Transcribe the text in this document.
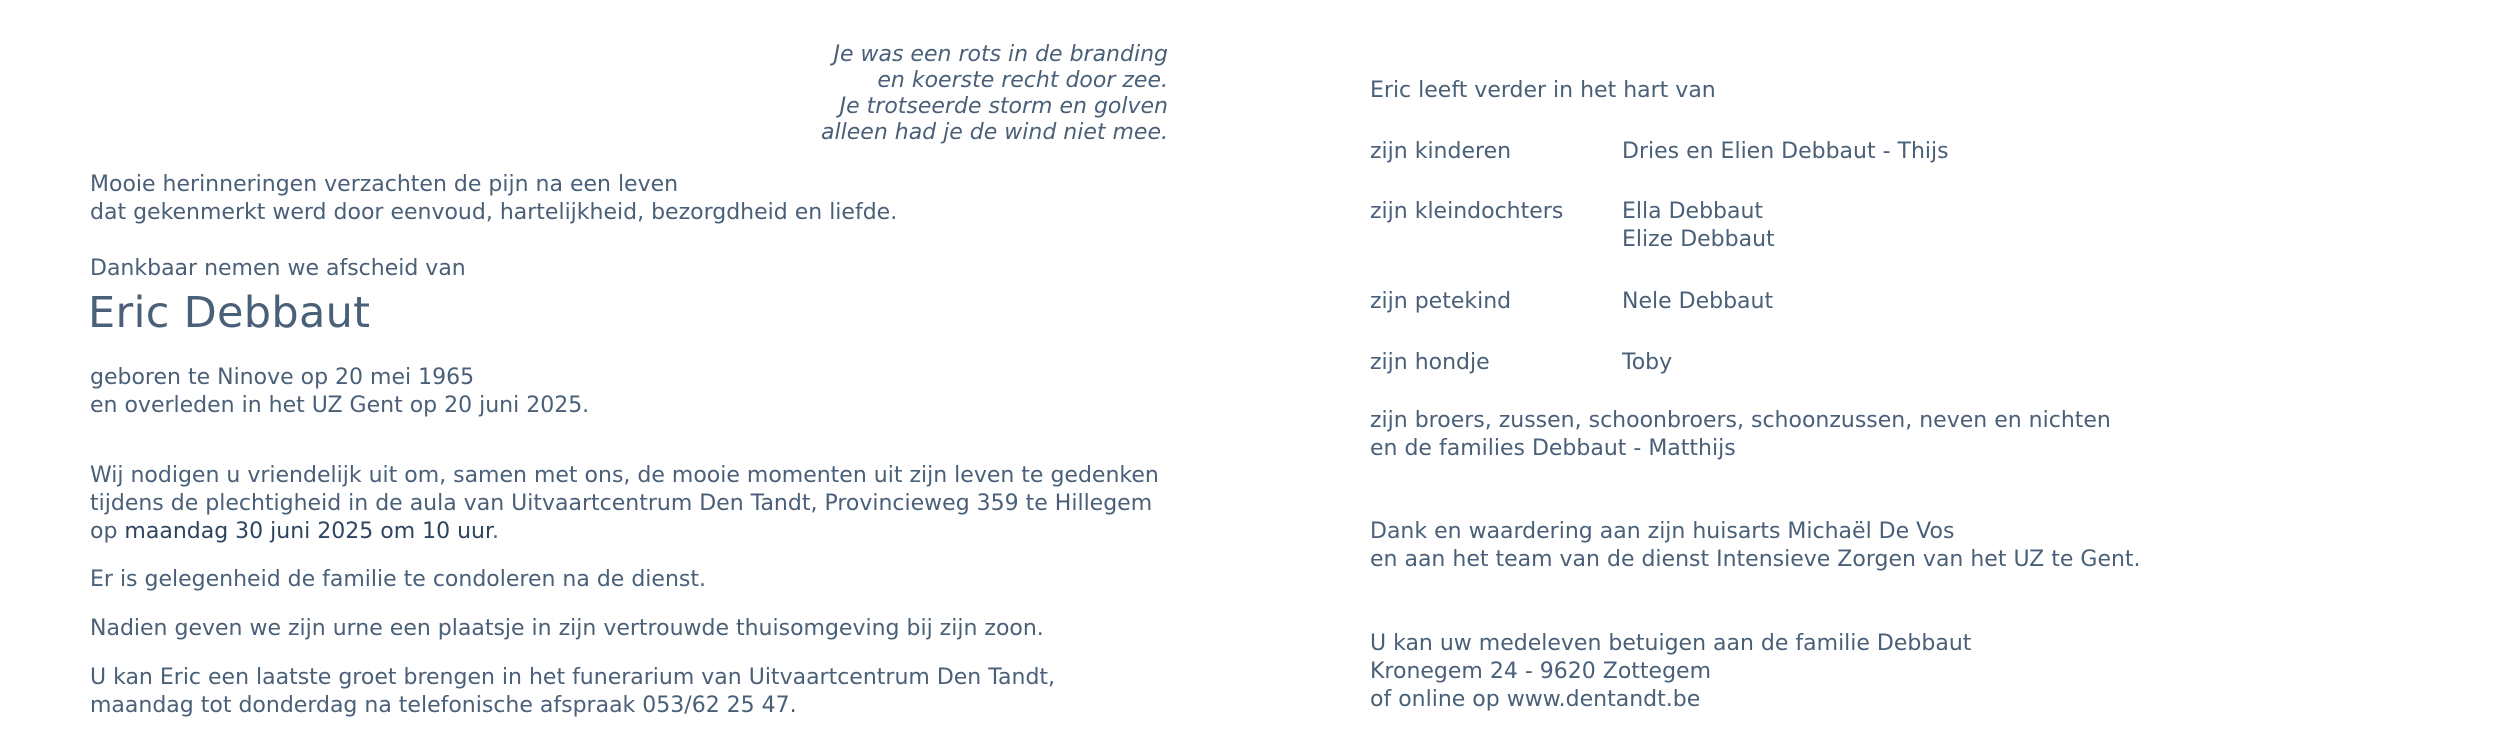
Je was een rots in de branding
en koerste recht door zee.
Je trotseerde storm en golven
alleen had je de wind niet mee.
Mooie herinneringen verzachten de pijn na een leven
dat gekenmerkt werd door eenvoud, hartelijkheid, bezorgdheid en liefde.
Dankbaar nemen we afscheid van
Eric Debbaut
geboren te Ninove op 20 mei 1965
en overleden in het UZ Gent op 20 juni 2025.
Wij nodigen u vriendelijk uit om, samen met ons, de mooie momenten uit zijn leven te gedenken
tijdens de plechtigheid in de aula van Uitvaartcentrum Den Tandt, Provincieweg 359 te Hillegem
op maandag 30 juni 2025 om 10 uur.
Er is gelegenheid de familie te condoleren na de dienst.
Nadien geven we zijn urne een plaatsje in zijn vertrouwde thuisomgeving bij zijn zoon.
U kan Eric een laatste groet brengen in het funerarium van Uitvaartcentrum Den Tandt,
maandag tot donderdag na telefonische afspraak 053/62 25 47.
Eric leeft verder in het hart van
zijn kinderen	Dries en Elien Debbaut - Thijs
zijn kleindochters	Ella Debbaut
Elize Debbaut
zijn petekind	Nele Debbaut
zijn hondje	Toby
zijn broers, zussen, schoonbroers, schoonzussen, neven en nichten
en de families Debbaut - Matthijs
Dank en waardering aan zijn huisarts Michaël De Vos
en aan het team van de dienst Intensieve Zorgen van het UZ te Gent.
U kan uw medeleven betuigen aan de familie Debbaut
Kronegem 24 - 9620 Zottegem
of online op www.dentandt.be
